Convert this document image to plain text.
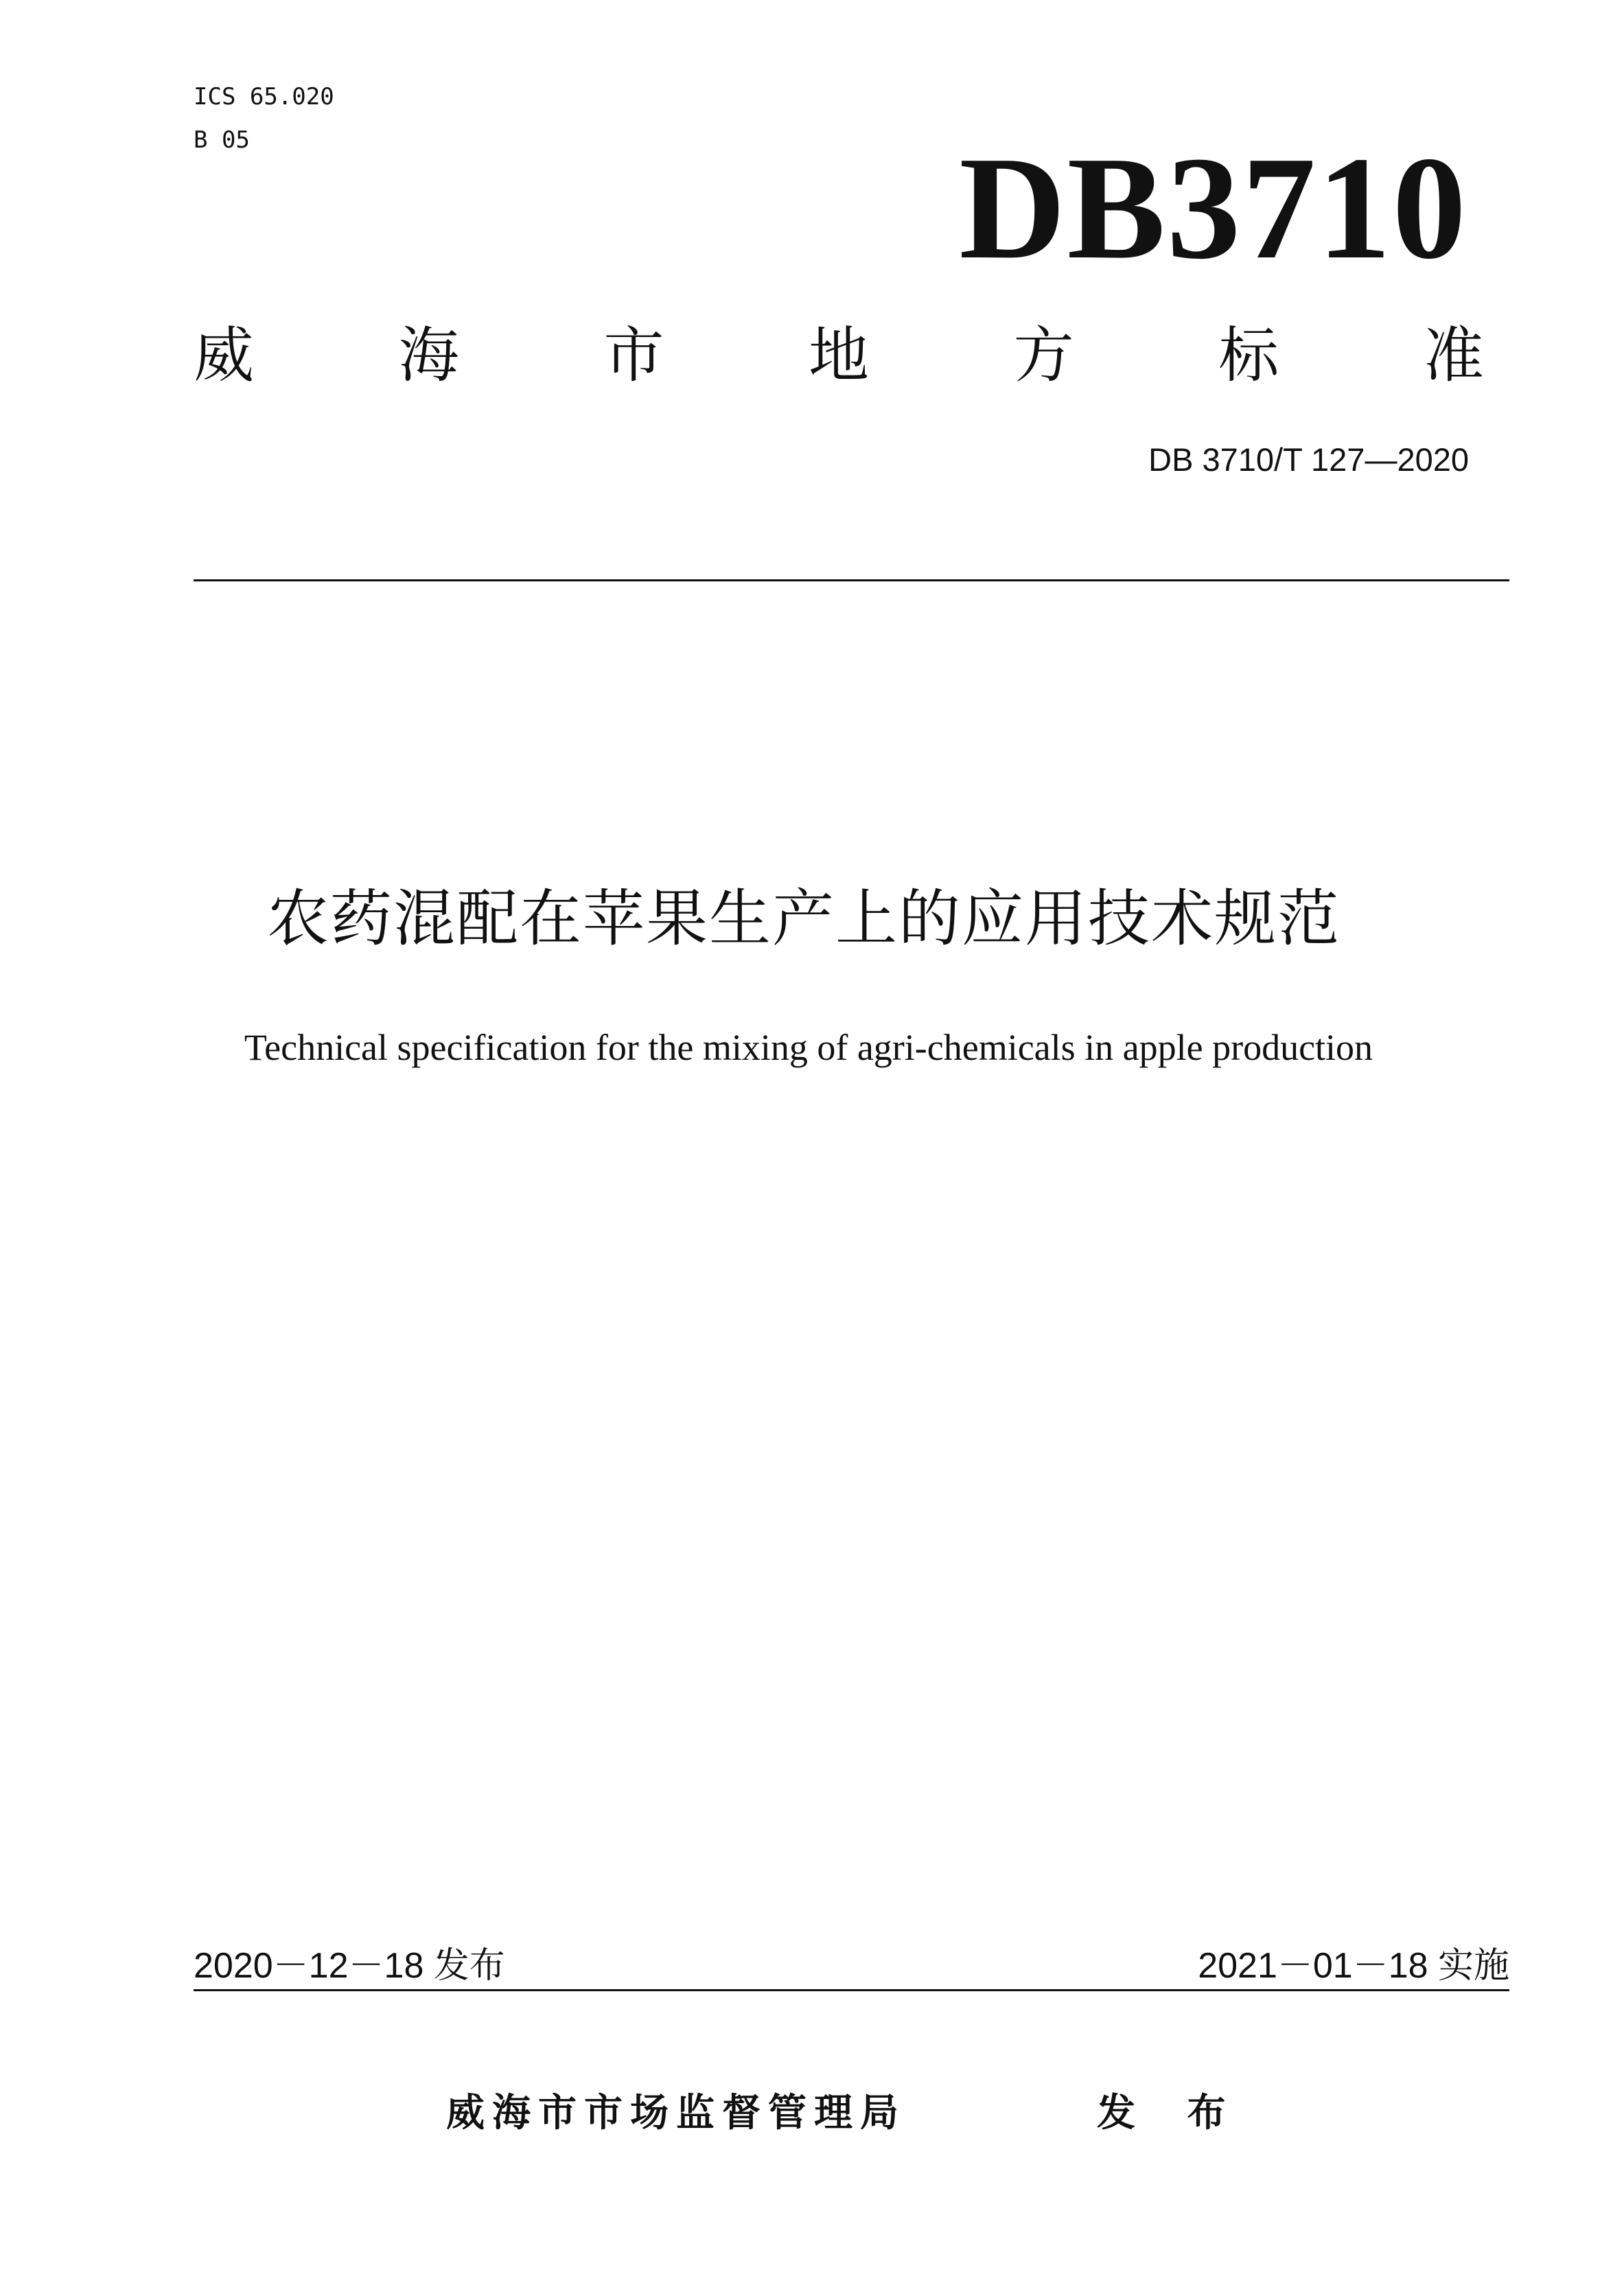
ICS 65.020
B 05	DB3710
威 海 市 地 方 标 准
DB 3710/T 127—2020
农药混配在苹果生产上的应用技术规范
Technical specification for the mixing of agri-chemicals in apple production
2020－12－18 发布	2021－01－18 实施
威海市市场监督管理局	发 布
